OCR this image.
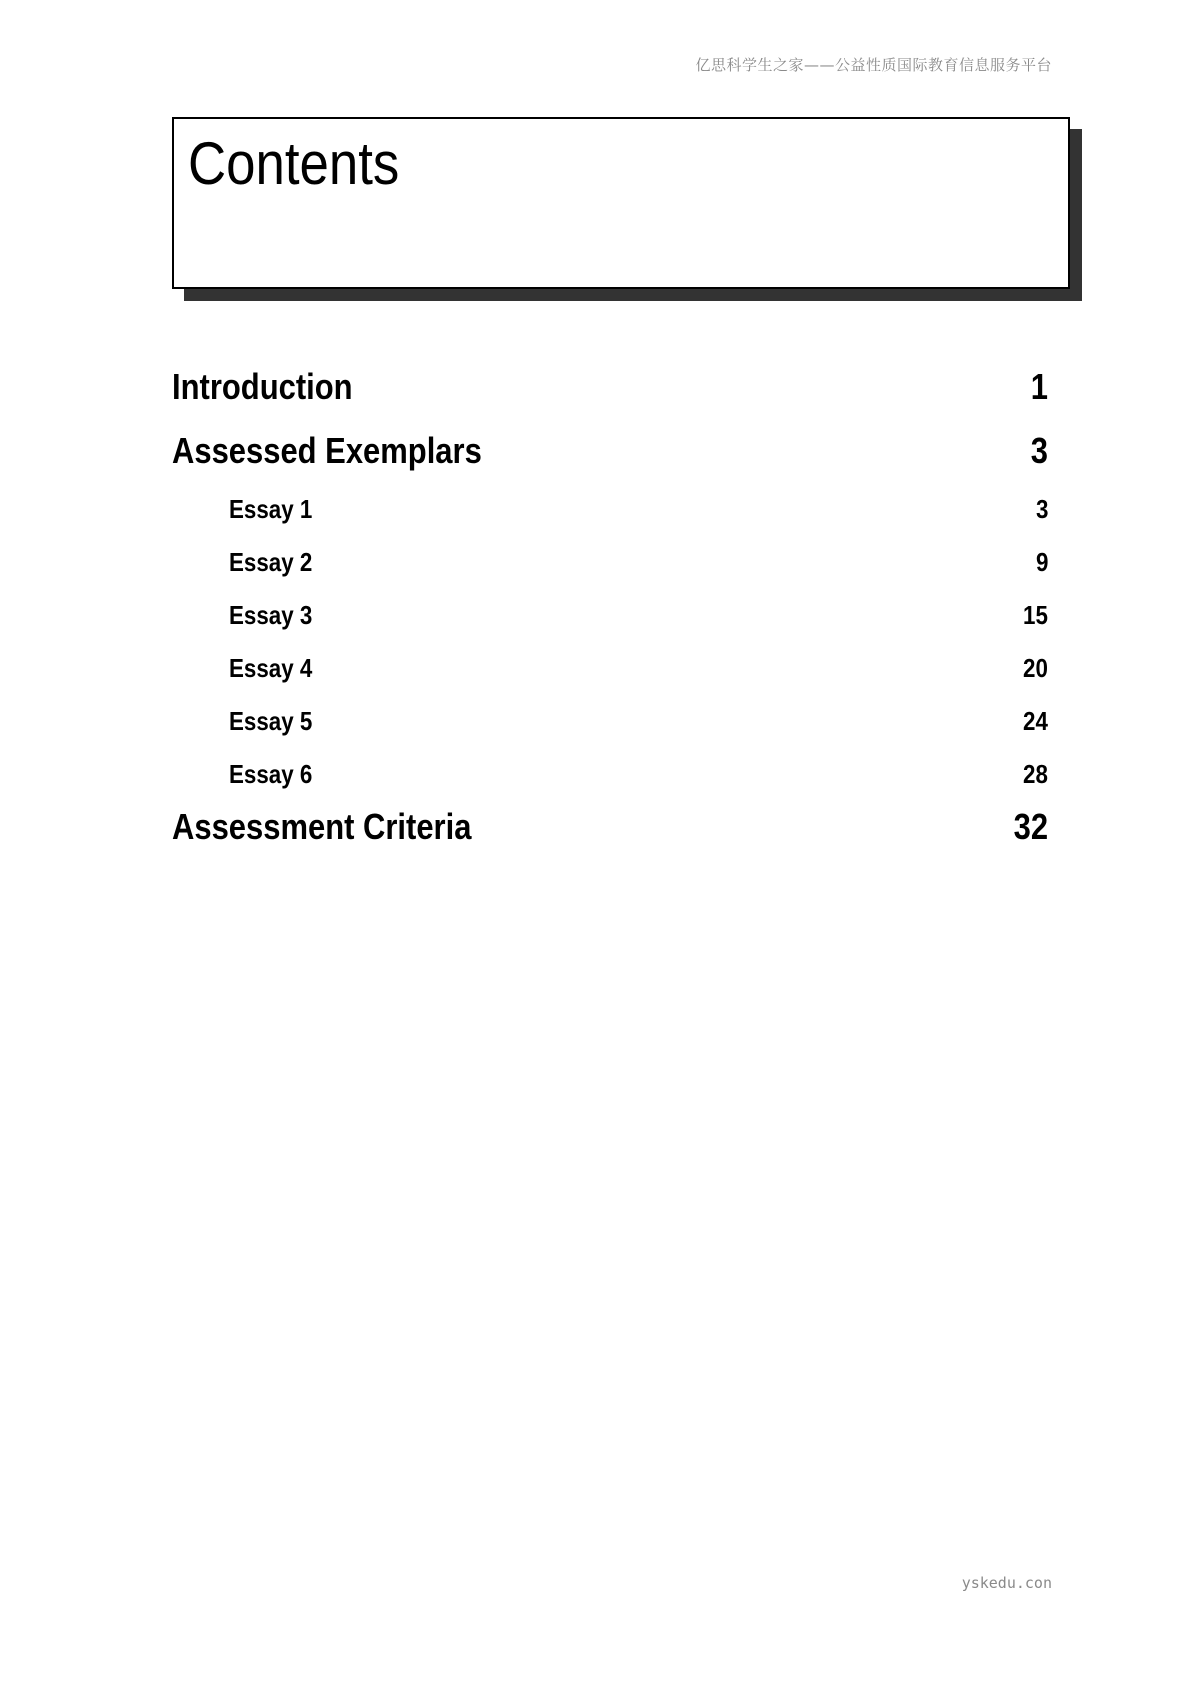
亿思科学生之家——公益性质国际教育信息服务平台
Contents
Introduction	1
Assessed Exemplars	3
Essay 1	3
Essay 2	9
Essay 3	15
Essay 4	20
Essay 5	24
Essay 6	28
Assessment Criteria	32
yskedu.con
